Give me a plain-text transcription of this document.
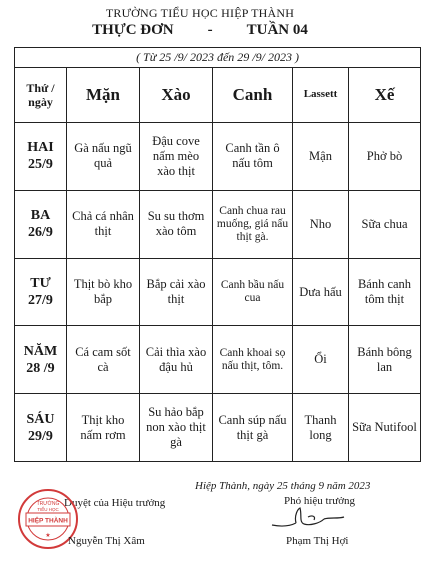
TRƯỜNG TIỂU HỌC HIỆP THÀNH
THỰC ĐƠN - TUẦN 04
( Từ 25 /9/ 2023 đến 29 /9/ 2023 )					
Thứ /
ngày	Mặn	Xào	Canh	Lassett	Xế
HAI
25/9	Gà nấu ngũ quả	Đậu cove nấm mèo xào thịt	Canh tần ô nấu tôm	Mận	Phở bò
BA
26/9	Chả cá nhân thịt	Su su thơm xào tôm	Canh chua rau muống, giá nấu thịt gà.	Nho	Sữa chua
TƯ
27/9	Thịt bò kho bắp	Bắp cải xào thịt	Canh bầu nấu cua	Dưa hấu	Bánh canh tôm thịt
NĂM
28 /9	Cá cam sốt cà	Cải thìa xào đậu hủ	Canh khoai sọ nấu thịt, tôm.	Ổi	Bánh bông lan
SÁU
29/9	Thịt kho nấm rơm	Su hảo bắp non xào thịt gà	Canh súp nấu thịt gà	Thanh long	Sữa Nutifool
Hiệp Thành, ngày 25 tháng 9 năm 2023
Duyệt của Hiệu trưởng	Phó hiệu trưởng
HIỆP THÀNH
TRƯỜNG
TIỂU HỌC
★ Nguyễn Thị Xâm	Phạm Thị Hợi
